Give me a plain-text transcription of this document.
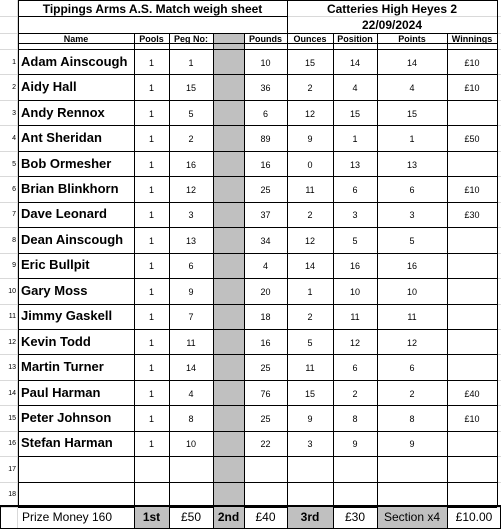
Tippings Arms A.S. Match weigh sheet	Catteries High Heyes 2
22/09/2024
Name	Pools	Peg No:	Pounds	Ounces	Position	Points	Winnings
1 Adam Ainscough	1	1	10	15	14	14	£10
2 Aidy Hall	1	15	36	2	4	4	£10
3 Andy Rennox	1	5	6	12	15	15
4 Ant Sheridan	1	2	89	9	1	1	£50
5 Bob Ormesher	1	16	16	0	13	13
6 Brian Blinkhorn	1	12	25	11	6	6	£10
7 Dave Leonard	1	3	37	2	3	3	£30
8 Dean Ainscough	1	13	34	12	5	5
9 Eric Bullpit	1	6	4	14	16	16
10 Gary Moss	1	9	20	1	10	10
11 Jimmy Gaskell	1	7	18	2	11	11
12 Kevin Todd	1	11	16	5	12	12
13 Martin Turner	1	14	25	11	6	6
14 Paul Harman	1	4	76	15	2	2	£40
15 Peter Johnson	1	8	25	9	8	8	£10
16 Stefan Harman	1	10	22	3	9	9
17
18
Prize Money 160	1st	£50	2nd	£40	3rd	£30	Section x4	£10.00
